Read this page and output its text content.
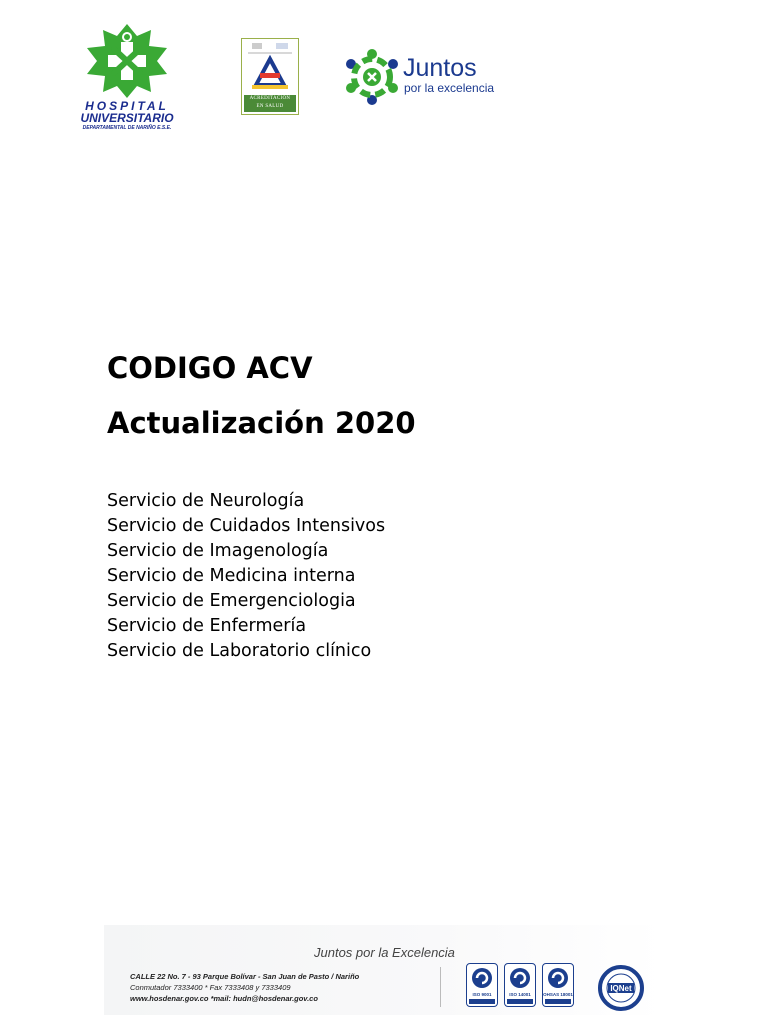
HOSPITAL
UNIVERSITARIO
DEPARTAMENTAL DE NARIÑO E.S.E.
ACREDITACIÓN
EN SALUD
Juntos
por la excelencia
CODIGO ACV
Actualización 2020
Servicio de Neurología
Servicio de Cuidados Intensivos
Servicio de Imagenología
Servicio de Medicina interna
Servicio de Emergenciologia
Servicio de Enfermería
Servicio de Laboratorio clínico
Juntos por la Excelencia
CALLE 22 No. 7 - 93 Parque Bolívar - San Juan de Pasto / Nariño
Conmutador 7333400 * Fax 7333408 y 7333409
www.hosdenar.gov.co *mail: hudn@hosdenar.gov.co	ISO 9001	ISO 14001	OHSAS 18001
IQNet
